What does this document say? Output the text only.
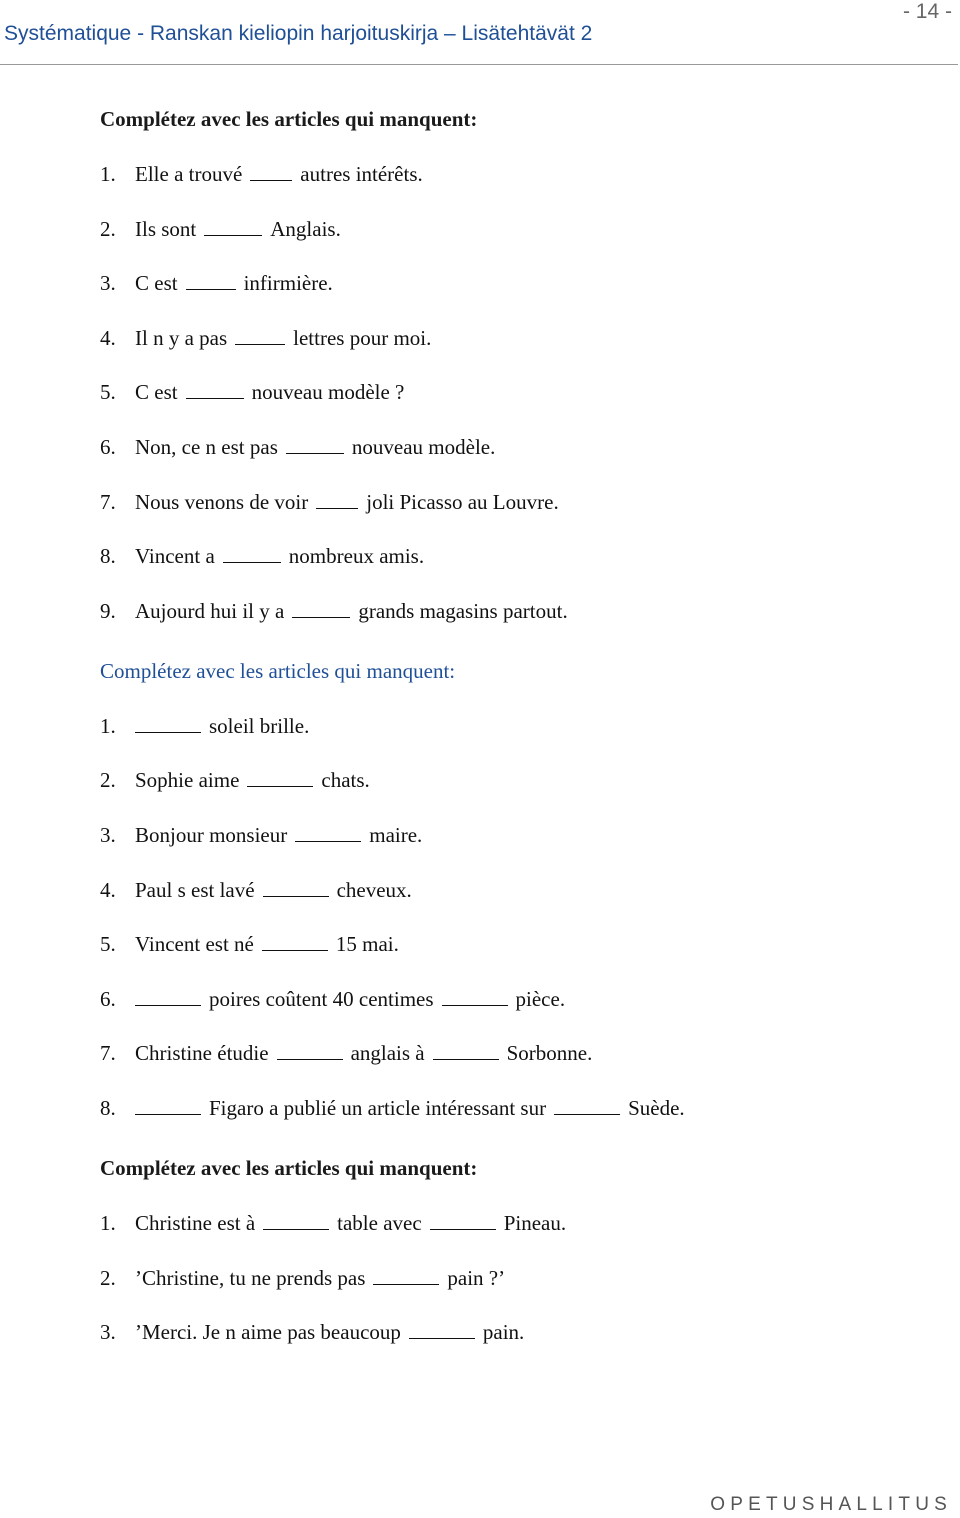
Systématique - Ranskan kieliopin harjoituskirja – Lisätehtävät 2
- 14 -
Complétez avec les articles qui manquent:
1. Elle a trouvé	autres intérêts.
2. Ils sont	Anglais.
3. C est	infirmière.
4. Il n y a pas	lettres pour moi.
5. C est	nouveau modèle ?
6. Non, ce n est pas	nouveau modèle.
7. Nous venons de voir	joli Picasso au Louvre.
8. Vincent a	nombreux amis.
9. Aujourd hui il y a	grands magasins partout.
Complétez avec les articles qui manquent:
1.	soleil brille.
2. Sophie aime	chats.
3. Bonjour monsieur	maire.
4. Paul s est lavé	cheveux.
5. Vincent est né	15 mai.
6.	poires coûtent 40 centimes	pièce.
7. Christine étudie	anglais à	Sorbonne.
8.	Figaro a publié un article intéressant sur	Suède.
Complétez avec les articles qui manquent:
1. Christine est à	table avec	Pineau.
2. ’Christine, tu ne prends pas	pain ?’
3. ’Merci. Je n aime pas beaucoup	pain.
OPETUSHALLITUS
